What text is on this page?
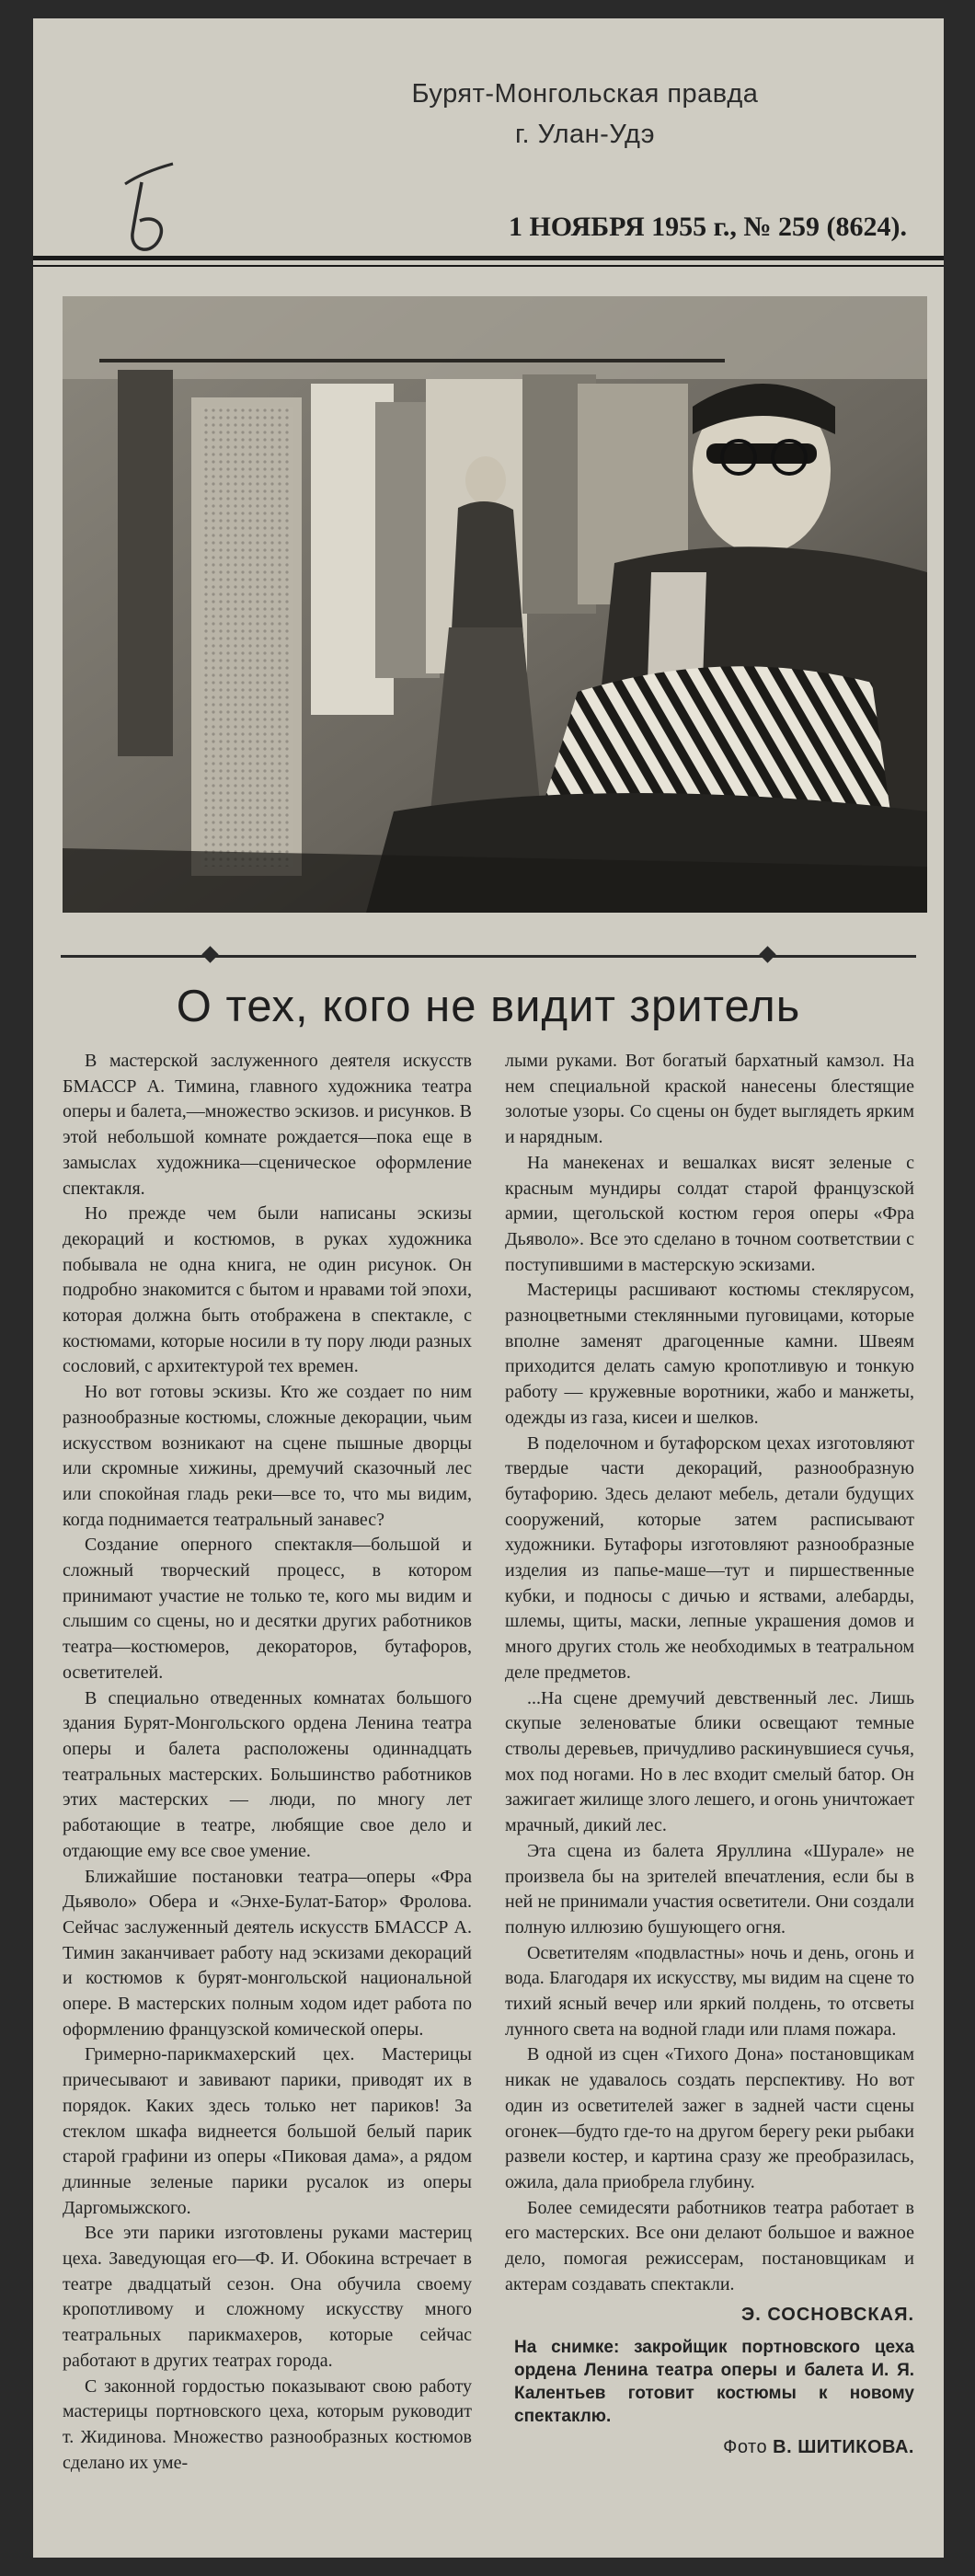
Бурят-Монгольская правда
г. Улан-Удэ
1 НОЯБРЯ 1955 г., № 259 (8624).
О тех, кого не видит зритель

В мастерской заслуженного деятеля искусств БМАССР А. Тимина, главного художника театра оперы и балета,—множество эскизов. и рисунков. В этой небольшой комнате рождается—пока еще в замыслах художника—сценическое оформление спектакля.

Но прежде чем были написаны эскизы декораций и костюмов, в руках художника побывала не одна книга, не один рисунок. Он подробно знакомится с бытом и нравами той эпохи, которая должна быть отображена в спектакле, с костюмами, которые носили в ту пору люди разных сословий, с архитектурой тех времен.

Но вот готовы эскизы. Кто же создает по ним разнообразные костюмы, сложные декорации, чьим искусством возникают на сцене пышные дворцы или скромные хижины, дремучий сказочный лес или спокойная гладь реки—все то, что мы видим, когда поднимается театральный занавес?

Создание оперного спектакля—большой и сложный творческий процесс, в котором принимают участие не только те, кого мы видим и слышим со сцены, но и десятки других работников театра—костюмеров, декораторов, бутафоров, осветителей.

В специально отведенных комнатах большого здания Бурят-Монгольского ордена Ленина театра оперы и балета расположены одиннадцать театральных мастерских. Большинство работников этих мастерских — люди, по многу лет работающие в театре, любящие свое дело и отдающие ему все свое умение.

Ближайшие постановки театра—оперы «Фра Дьяволо» Обера и «Энхе-Булат-Батор» Фролова. Сейчас заслуженный деятель искусств БМАССР А. Тимин заканчивает работу над эскизами декораций и костюмов к бурят-монгольской национальной опере. В мастерских полным ходом идет работа по оформлению французской комической оперы.

Гримерно-парикмахерский цех. Мастерицы причесывают и завивают парики, приводят их в порядок. Каких здесь только нет париков! За стеклом шкафа виднеется большой белый парик старой графини из оперы «Пиковая дама», а рядом длинные зеленые парики русалок из оперы Даргомыжского.

Все эти парики изготовлены руками мастериц цеха. Заведующая его—Ф. И. Обокина встречает в театре двадцатый сезон. Она обучила своему кропотливому и сложному искусству много театральных парикмахеров, которые сейчас работают в других театрах города.

С законной гордостью показывают свою работу мастерицы портновского цеха, которым руководит т. Жидинова. Множество разнообразных костюмов сделано их уме-

лыми руками. Вот богатый бархатный камзол. На нем специальной краской нанесены блестящие золотые узоры. Со сцены он будет выглядеть ярким и нарядным.

На манекенах и вешалках висят зеленые с красным мундиры солдат старой французской армии, щегольской костюм героя оперы «Фра Дьяволо». Все это сделано в точном соответствии с поступившими в мастерскую эскизами.

Мастерицы расшивают костюмы стеклярусом, разноцветными стеклянными пуговицами, которые вполне заменят драгоценные камни. Швеям приходится делать самую кропотливую и тонкую работу — кружевные воротники, жабо и манжеты, одежды из газа, кисеи и шелков.

В поделочном и бутафорском цехах изготовляют твердые части декораций, разнообразную бутафорию. Здесь делают мебель, детали будущих сооружений, которые затем расписывают художники. Бутафоры изготовляют разнообразные изделия из папье-маше—тут и пиршественные кубки, и подносы с дичью и яствами, алебарды, шлемы, щиты, маски, лепные украшения домов и много других столь же необходимых в театральном деле предметов.

...На сцене дремучий девственный лес. Лишь скупые зеленоватые блики освещают темные стволы деревьев, причудливо раскинувшиеся сучья, мох под ногами. Но в лес входит смелый батор. Он зажигает жилище злого лешего, и огонь уничтожает мрачный, дикий лес.

Эта сцена из балета Яруллина «Шурале» не произвела бы на зрителей впечатления, если бы в ней не принимали участия осветители. Они создали полную иллюзию бушующего огня.

Осветителям «подвластны» ночь и день, огонь и вода. Благодаря их искусству, мы видим на сцене то тихий ясный вечер или яркий полдень, то отсветы лунного света на водной глади или пламя пожара.

В одной из сцен «Тихого Дона» постановщикам никак не удавалось создать перспективу. Но вот один из осветителей зажег в задней части сцены огонек—будто где-то на другом берегу реки рыбаки развели костер, и картина сразу же преобразилась, ожила, дала приобрела глубину.

Более семидесяти работников театра работает в его мастерских. Все они делают большое и важное дело, помогая режиссерам, постановщикам и актерам создавать спектакли.

Э. СОСНОВСКАЯ.
На снимке: закройщик портновского цеха ордена Ленина театра оперы и балета И. Я. Калентьев готовит костюмы к новому спектаклю.
Фото В. ШИТИКОВА.
